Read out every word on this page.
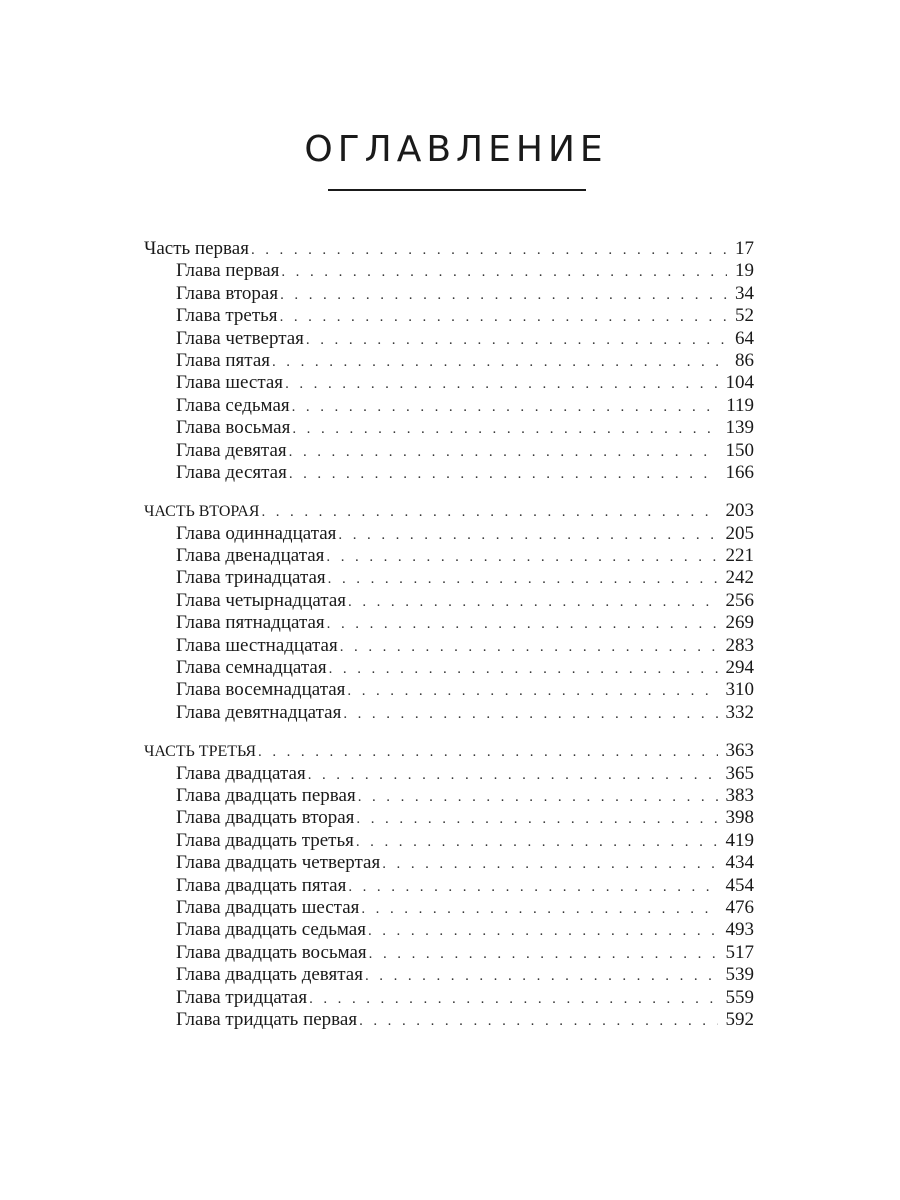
ОГЛАВЛЕНИЕ
Часть первая . . .	17
Глава первая . . .	19
Глава вторая . . .	34
Глава третья . . .	52
Глава четвертая . . .	64
Глава пятая . . .	86
Глава шестая . . .	104
Глава седьмая . . .	119
Глава восьмая . . .	139
Глава девятая . . .	150
Глава десятая . . .	166
ЧАСТЬ ВТОРАЯ . . .	203
Глава одиннадцатая . . .	205
Глава двенадцатая . . .	221
Глава тринадцатая . . .	242
Глава четырнадцатая . . .	256
Глава пятнадцатая . . .	269
Глава шестнадцатая . . .	283
Глава семнадцатая . . .	294
Глава восемнадцатая . . .	310
Глава девятнадцатая . . .	332
ЧАСТЬ ТРЕТЬЯ . . .	363
Глава двадцатая . . .	365
Глава двадцать первая . . .	383
Глава двадцать вторая . . .	398
Глава двадцать третья . . .	419
Глава двадцать четвертая . . .	434
Глава двадцать пятая . . .	454
Глава двадцать шестая . . .	476
Глава двадцать седьмая . . .	493
Глава двадцать восьмая . . .	517
Глава двадцать девятая . . .	539
Глава тридцатая . . .	559
Глава тридцать первая . . .	592
